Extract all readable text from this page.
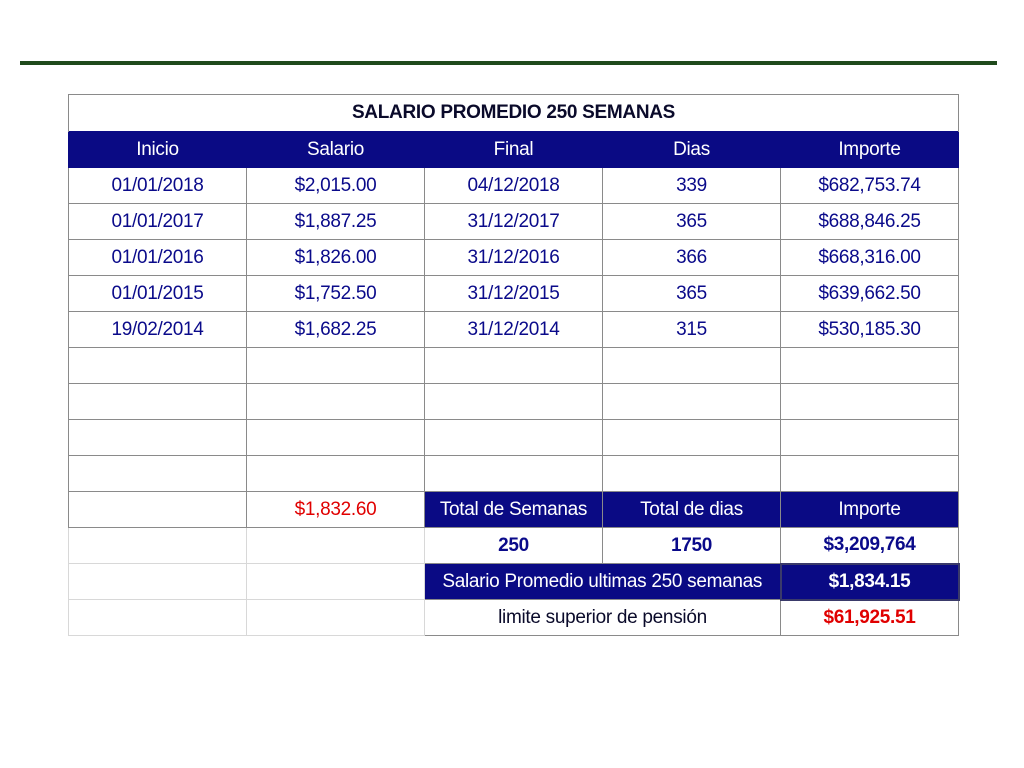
SALARIO PROMEDIO 250 SEMANAS				
Inicio	Salario	Final	Dias	Importe
01/01/2018	$2,015.00	04/12/2018	339	$682,753.74
01/01/2017	$1,887.25	31/12/2017	365	$688,846.25
01/01/2016	$1,826.00	31/12/2016	366	$668,316.00
01/01/2015	$1,752.50	31/12/2015	365	$639,662.50
19/02/2014	$1,682.25	31/12/2014	315	$530,185.30

	$1,832.60	Total de Semanas	Total de dias	Importe
		250	1750	$3,209,764
		Salario Promedio ultimas 250 semanas		$1,834.15
		limite superior de pensión		$61,925.51
